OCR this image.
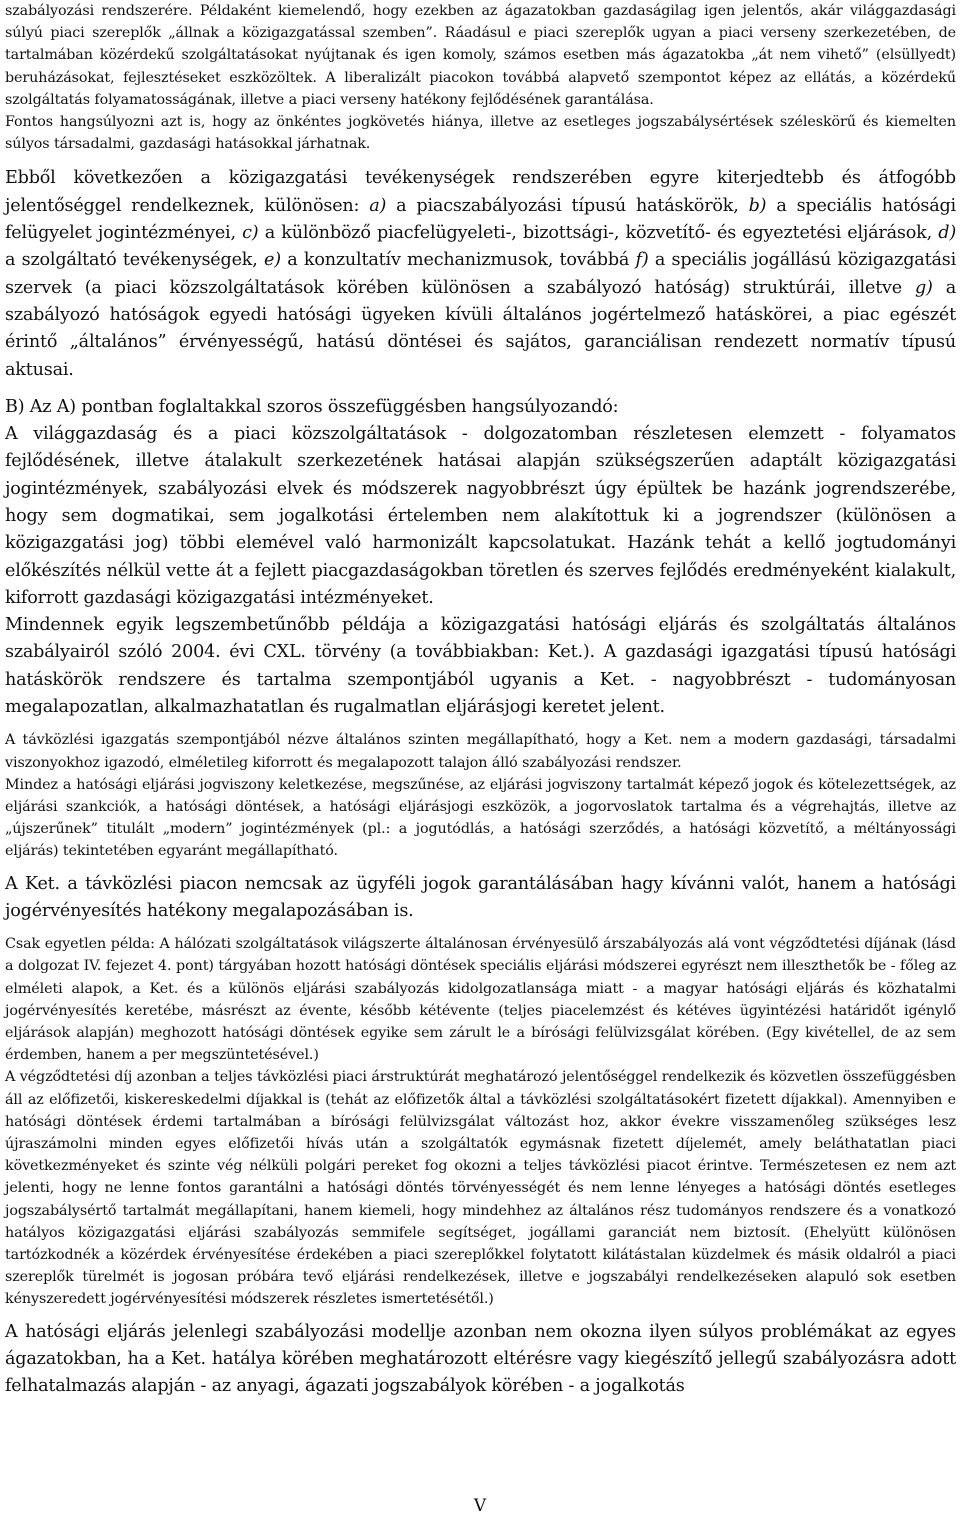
szabályozási rendszerére. Példaként kiemelendő, hogy ezekben az ágazatokban gazdaságilag igen jelentős, akár világgazdasági súlyú piaci szereplők „állnak a közigazgatással szemben”. Ráadásul e piaci szereplők ugyan a piaci verseny szerkezetében, de tartalmában közérdekű szolgáltatásokat nyújtanak és igen komoly, számos esetben más ágazatokba „át nem vihető” (elsüllyedt) beruházásokat, fejlesztéseket eszközöltek. A liberalizált piacokon továbbá alapvető szempontot képez az ellátás, a közérdekű szolgáltatás folyamatosságának, illetve a piaci verseny hatékony fejlődésének garantálása.

Fontos hangsúlyozni azt is, hogy az önkéntes jogkövetés hiánya, illetve az esetleges jogszabálysértések széleskörű és kiemelten súlyos társadalmi, gazdasági hatásokkal járhatnak.

Ebből következően a közigazgatási tevékenységek rendszerében egyre kiterjedtebb és átfogóbb jelentőséggel rendelkeznek, különösen: a) a piacszabályozási típusú hatáskörök, b) a speciális hatósági felügyelet jogintézményei, c) a különböző piacfelügyeleti-, bizottsági-, közvetítő- és egyeztetési eljárások, d) a szolgáltató tevékenységek, e) a konzultatív mechanizmusok, továbbá f) a speciális jogállású közigazgatási szervek (a piaci közszolgáltatások körében különösen a szabályozó hatóság) struktúrái, illetve g) a szabályozó hatóságok egyedi hatósági ügyeken kívüli általános jogértelmező hatáskörei, a piac egészét érintő „általános” érvényességű, hatású döntései és sajátos, garanciálisan rendezett normatív típusú aktusai.

B) Az A) pontban foglaltakkal szoros összefüggésben hangsúlyozandó:

A világgazdaság és a piaci közszolgáltatások - dolgozatomban részletesen elemzett - folyamatos fejlődésének, illetve átalakult szerkezetének hatásai alapján szükségszerűen adaptált közigazgatási jogintézmények, szabályozási elvek és módszerek nagyobbrészt úgy épültek be hazánk jogrendszerébe, hogy sem dogmatikai, sem jogalkotási értelemben nem alakítottuk ki a jogrendszer (különösen a közigazgatási jog) többi elemével való harmonizált kapcsolatukat. Hazánk tehát a kellő jogtudományi előkészítés nélkül vette át a fejlett piacgazdaságokban töretlen és szerves fejlődés eredményeként kialakult, kiforrott gazdasági közigazgatási intézményeket.

Mindennek egyik legszembetűnőbb példája a közigazgatási hatósági eljárás és szolgáltatás általános szabályairól szóló 2004. évi CXL. törvény (a továbbiakban: Ket.). A gazdasági igazgatási típusú hatósági hatáskörök rendszere és tartalma szempontjából ugyanis a Ket. - nagyobbrészt - tudományosan megalapozatlan, alkalmazhatatlan és rugalmatlan eljárásjogi keretet jelent.

A távközlési igazgatás szempontjából nézve általános szinten megállapítható, hogy a Ket. nem a modern gazdasági, társadalmi viszonyokhoz igazodó, elméletileg kiforrott és megalapozott talajon álló szabályozási rendszer.

Mindez a hatósági eljárási jogviszony keletkezése, megszűnése, az eljárási jogviszony tartalmát képező jogok és kötelezettségek, az eljárási szankciók, a hatósági döntések, a hatósági eljárásjogi eszközök, a jogorvoslatok tartalma és a végrehajtás, illetve az „újszerűnek” titulált „modern” jogintézmények (pl.: a jogutódlás, a hatósági szerződés, a hatósági közvetítő, a méltányossági eljárás) tekintetében egyaránt megállapítható.

A Ket. a távközlési piacon nemcsak az ügyféli jogok garantálásában hagy kívánni valót, hanem a hatósági jogérvényesítés hatékony megalapozásában is.

Csak egyetlen példa: A hálózati szolgáltatások világszerte általánosan érvényesülő árszabályozás alá vont végződtetési díjának (lásd a dolgozat IV. fejezet 4. pont) tárgyában hozott hatósági döntések speciális eljárási módszerei egyrészt nem illeszthetők be - főleg az elméleti alapok, a Ket. és a különös eljárási szabályozás kidolgozatlansága miatt - a magyar hatósági eljárás és közhatalmi jogérvényesítés keretébe, másrészt az évente, később kétévente (teljes piacelemzést és kétéves ügyintézési határidőt igénylő eljárások alapján) meghozott hatósági döntések egyike sem zárult le a bírósági felülvizsgálat körében. (Egy kivétellel, de az sem érdemben, hanem a per megszüntetésével.)

A végződtetési díj azonban a teljes távközlési piaci árstruktúrát meghatározó jelentőséggel rendelkezik és közvetlen összefüggésben áll az előfizetői, kiskereskedelmi díjakkal is (tehát az előfizetők által a távközlési szolgáltatásokért fizetett díjakkal). Amennyiben e hatósági döntések érdemi tartalmában a bírósági felülvizsgálat változást hoz, akkor évekre visszamenőleg szükséges lesz újraszámolni minden egyes előfizetői hívás után a szolgáltatók egymásnak fizetett díjelemét, amely beláthatatlan piaci következményeket és szinte vég nélküli polgári pereket fog okozni a teljes távközlési piacot érintve. Természetesen ez nem azt jelenti, hogy ne lenne fontos garantálni a hatósági döntés törvényességét és nem lenne lényeges a hatósági döntés esetleges jogszabálysértő tartalmát megállapítani, hanem kiemeli, hogy mindehhez az általános rész tudományos rendszere és a vonatkozó hatályos közigazgatási eljárási szabályozás semmifele segítséget, jogállami garanciát nem biztosít. (Ehelyütt különösen tartózkodnék a közérdek érvényesítése érdekében a piaci szereplőkkel folytatott kilátástalan küzdelmek és másik oldalról a piaci szereplők türelmét is jogosan próbára tevő eljárási rendelkezések, illetve e jogszabályi rendelkezéseken alapuló sok esetben kényszeredett jogérvényesítési módszerek részletes ismertetésétől.)

A hatósági eljárás jelenlegi szabályozási modellje azonban nem okozna ilyen súlyos problémákat az egyes ágazatokban, ha a Ket. hatálya körében meghatározott eltérésre vagy kiegészítő jellegű szabályozásra adott felhatalmazás alapján - az anyagi, ágazati jogszabályok körében - a jogalkotás

V
